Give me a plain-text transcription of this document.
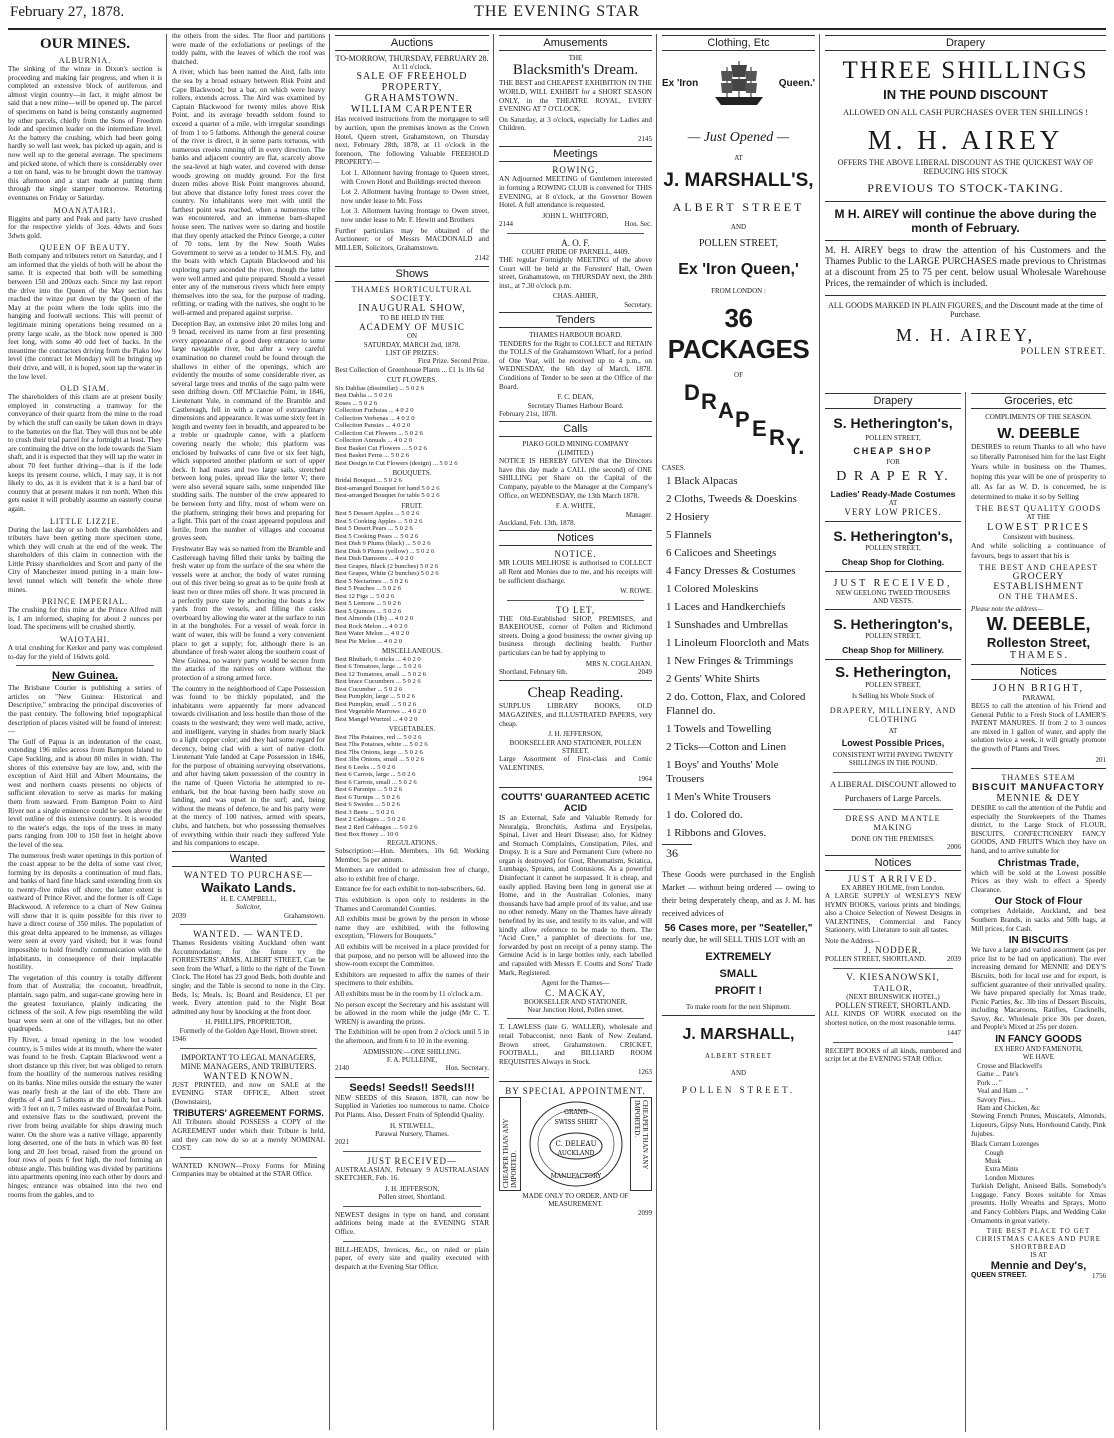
February 27, 1878.	THE EVENING STAR
OUR MINES.
ALBURNIA.
The sinking of the winze in Dixon's section is proceeding and making fair progress, and when it is completed an extensive block of auriferous and almost virgin country—in fact, it might almost be said that a new mine—will be opened up. The parcel of specimens on hand is being constantly augmented by other parcels, chiefly from the Sons of Freedom lode and specimen leader on the intermediate level. At the battery the crushing, which had been going hardly so well last week, has picked up again, and is now well up to the general average. The specimens and picked stone, of which there is considerably over a ton on hand, was to be brought down the tramway this afternoon and a start made at putting them through the single stamper tomorrow. Retorting eventuates on Friday or Saturday.
MOANATAIRI.
Riggins and party and Peak and party have crushed for the respective yields of 3ozs 4dwts and 6ozs 3dwts gold.
QUEEN OF BEAUTY.
Both company and tributers retort on Saturday, and I am informed that the yields of both will be about the same. It is expected that both will be something between 150 and 200ozs each. Since my last report the drive into the Queen of the May section has reached the winze put down by the Queen of the May at the point where the lode splits into the hanging and footwall sections. This will permit of legitimate mining operations being resumed on a pretty large scale, as the block now opened is 300 feet long, with some 40 odd feet of backs. In the meantime the contractors driving from the Piako low level (the contract let Monday) will be bringing up their drive, and will, it is hoped, soon tap the water in the low level.
OLD SIAM.
The shareholders of this claim are at present busily employed in constructing a tramway for the conveyance of their quartz from the mine to the road by which the stuff can easily be taken down in drays to the batteries on the flat. They will thus not be able to crush their trial parcel for a fortnight at least. They are continuing the drive on the lode towards the Siam shaft, and it is expected that they will tap the water in about 70 feet further driving—that is if the lode keeps its present course, which, I may say, it is not likely to do, as it is evident that it is a hard bar of country that at present makes it run north. When this gets easier it will probably assume an easterly course again.
LITTLE LIZZIE.
During the last day or so both the shareholders and tributers have been getting more specimen stone, which they will crush at the end of the week. The shareholders of this claim in connection with the Little Prissy shareholders and Scott and party of the City of Manchester intend putting in a main low-level tunnel which will benefit the whole three mines.
PRINCE IMPERIAL.
The crushing for this mine at the Prince Alfred mill is, I am informed, shaping for about 2 ounces per load. The specimens will be crushed shortly.
WAIOTAHI.
A trial crushing for Kerker and party was completed to-day for the yield of 16dwts gold.
New Guinea.
The Brisbane Courier is publishing a series of articles on "New Guinea: Historical and Descriptive," embracing the principal discoveries of the past century. The following brief topographical description of places visited will be found of interest:—
The Gulf of Papua is an indentation of the coast, extending 196 miles across from Bampton Island to Cape Suckling, and is about 80 miles in width. The shores of this extensive bay are low, and, with the exception of Aird Hill and Albert Mountains, the west and northern coasts presents no objects of sufficient elevation to serve as marks for making them from seaward. From Bampton Point to Aird River not a single eminence could be seen above the level outline of this extensive country. It is wooded to the water's edge, the tops of the trees in many parts ranging from 100 to 150 feet in height above the level of the sea.
The numerous fresh water openings in this portion of the coast appear to be the delta of some vast river, forming by its deposits a continuation of mud flats, and banks of hard fine black sand extending from six to twenty-five miles off shore; the latter extent is eastward of Prince River, and the former is off Cape Blackwood. A reference to a chart of New Guinea will show that it is quite possible for this river to have a direct course of 350 miles. The population of this great delta appeared to be immense, as villages were seen at every yard visited; but it was found impossible to hold friendly communication with the inhabitants, in consequence of their implacable hostility.
The vegetation of this country is totally different from that of Australia; the cocoanut, breadfruit, plantain, sago palm, and sugar-cane growing here in the greatest luxuriance, plainly indicating the richness of the soil. A few pigs resembling the wild boar were seen at one of the villages, but no other quadrupeds.
Fly River, a broad opening in the low wooded country, is 5 miles wide at its mouth, where the water was found to be fresh. Captain Blackwood went a short distance up this river, but was obliged to return from the hostility of the numerous natives residing on its banks. Nine miles outside the estuary the water was nearly fresh at the last of the ebb. There are depths of 4 and 5 fathoms at the mouth; but a bank with 3 feet on it, 7 miles eastward of Breakfast Point, and extensive flats to the southward, prevent the river from being available for ships drawing much water. On the shore was a native village, apparently long deserted, one of the huts in which was 80 feet long and 20 feet broad, raised from the ground on four rows of posts 6 feet high, the roof forming an obtuse angle. This building was divided by partitions into apartments opening into each other by doors and hinges; entrance was obtained into the two end rooms from the gables, and to
the others from the sides. The floor and partitions were made of the exfoliations or peelings of the toddy palm, with the leaves of which the roof was thatched.
A river, which has been named the Aird, falls into the sea by a broad estuary between Risk Point and Cape Blackwood; but a bar, on which were heavy rollers, extends across. The Aird was examined by Captain Blackwood for twenty miles above Risk Point, and its average breadth seldom found to exceed a quarter of a mile, with irregular soundings of from 1 to 5 fathoms. Although the general course of the river is direct, it in some parts tortuous, with numerous creeks running off in every direction. The banks and adjacent country are flat, scarcely above the sea-level at high water, and covered with dense woods growing on muddy ground. For the first dozen miles above Risk Point mangroves abound, but above that distance lofty forest trees cover the country. No inhabitants were met with until the farthest point was reached, when a numerous tribe was encountered, and an immense barn-shaped house seen. The natives were so daring and hostile that they openly attacked the Prince George, a cutter of 70 tons, lent by the New South Wales Government to serve as a tender to H.M.S. Fly, and the boats with which Captain Blackwood and his exploring party ascended the river, though the latter were well armed and quite prepared. Should a vessel enter any of the numerous rivers which here empty themselves into the sea, for the purpose of trading, refitting, or trading with the natives, she ought to be well-armed and prepared against surprise.
Deception Bay, an extensive inlet 20 miles long and 9 broad, received its name from at first presenting every appearance of a good deep entrance to some large navigable river, but after a very careful examination no channel could be found through the shallows in either of the openings, which are evidently the mouths of some considerable river, as several large trees and trunks of the sago palm were seen drifting down. Off M'Clatchie Point, in 1846, Lieutenant Yule, in command of the Bramble and Castlereagh, fell in with a canoe of extraordinary dimensions and appearance. It was some sixty feet in length and twenty feet in breadth, and appeared to be a treble or quadruple canoe, with a platform covering nearly the whole; this platform was enclosed by bulwarks of cane five or six feet high, which supported another platform or sort of upper deck. It had masts and two large sails, stretched between long poles, spread like the letter V; there were also several square sails, some suspended like studding sails. The number of the crew appeared to be between forty and fifty, most of whom were on the platform, stringing their bows and preparing for a fight. This part of the coast appeared populous and fertile, from the number of villages and cocoanut groves seen.
Freshwater Bay was so named from the Bramble and Castlereagh having filled their tanks by bailing the fresh water up from the surface of the sea where the vessels were at anchor, the body of water running out of this river being so great as to be quite fresh at least two or three miles off shore. It was procured in a perfectly pure state by anchoring the boats a few yards from the vessels, and filling the casks overboard by allowing the water at the surface to run in at the bungholes. For a vessel of weak force in want of water, this will be found a very convenient place to get a supply; for, although there is an abundance of fresh water along the southern coast of New Guinea, no watery party would be secure from the attacks of the natives on shore without the protection of a strong armed force.
The country in the neighborhood of Cape Possession was found to be thickly populated, and the inhabitants were apparently far more advanced towards civilisation and less hostile than those of the coasts to the westward; they were well made, active, and intelligent, varying in shades from nearly black to a light copper color; and they had some regard for decency, being clad with a sort of native cloth. Lieutenant Yule landed at Cape Possession in 1846, for the purpose of obtaining surveying observations, and after having taken possession of the country in the name of Queen Victoria he attempted to re-embark, but the boat having been badly stove on landing, and was upset in the surf; and, being without the means of defence, he and his party were at the mercy of 100 natives, armed with spears, clubs, and hatchets, but who possessing themselves of everything within their reach they suffered Yule and his companions to escape.
Wanted
WANTED TO PURCHASE—
Waikato Lands.
H. E. CAMPBELL,
Solicitor,
2039	Grahamstown.
WANTED. — WANTED.
Thames Residents visiting Auckland often want Accommodation; for the future try the FORRESTERS' ARMS, ALBERT STREET, Can be seen from the Wharf, a little to the right of the Town Clock. The Hotel has 23 good Beds, both double and single; and the Table is second to none in the City. Beds, 1s; Meals, 1s; Board and Residence, £1 per week. Every attention paid to the Night Boat admitted any hour by knocking at the front door.
H. PHILLIPS, PROPRIETOR,
Formerly of the Golden Age Hotel, Brown street.
1946
IMPORTANT TO LEGAL MANAGERS, MINE MANAGERS, AND TRIBUTERS.
WANTED KNOWN.
JUST PRINTED, and now on SALE at the EVENING STAR OFFICE, Albert street (Downstairs),
TRIBUTERS' AGREEMENT FORMS.
All Tributers should POSSESS a COPY of the AGREEMENT under which their Tribute is held, and they can now do so at a merely NOMINAL COST.
WANTED KNOWN—Proxy Forms for Mining Companies may be obtained at the STAR Office.
Auctions
TO-MORROW, THURSDAY, FEBRUARY 28.
At 11 o'clock.
SALE OF FREEHOLD PROPERTY, GRAHAMSTOWN.
WILLIAM CARPENTER
Has received instructions from the mortgagee to sell by auction, upon the premises known as the Crown Hotel, Queen street, Grahamstown, on Thursday next, February 28th, 1878, at 11 o'clock in the forenoon, The following Valuable FREEHOLD PROPERTY:—
Lot 1. Allotment having frontage to Queen street, with Crown Hotel and Buildings erected thereon
Lot 2. Allotment having frontage to Owen street, now under lease to Mr. Foss
Lot 3. Allotment having frontage to Owen street, now under lease to Mr. F. Hewitt and Brothers
Further particulars may be obtained of the Auctioneer; or of Messrs MACDONALD and MILLER, Solicitors, Grahamstown.
2142
Shows
THAMES HORTICULTURAL SOCIETY.
INAUGURAL SHOW,
TO BE HELD IN THE
ACADEMY OF MUSIC
ON
SATURDAY, MARCH 2nd, 1878.
LIST OF PRIZES:
First Prize. Second Prize.
Best Collection of Greenhouse Plants ... £1 1s 10s 6d
CUT FLOWERS.
Six Dahlias (dissimilar) ... 5 0 2 6
Best Dahlia ... 5 0 2 6
Roses ... 5 0 2 6
Collection Fuchsias ... 4 0 2 0
Collection Verbenas ... 4 0 2 0
Collection Pansies ... 4 0 2 0
Collection Cut Flowers ... 5 0 2 6
Collection Annuals ... 4 0 2 0
Best Basket Cut Flowers ... 5 0 2 6
Best Basket Ferns ... 5 0 2 6
Best Design in Cut Flowers (design) ... 5 0 2 6
BOUQUETS.
Bridal Bouquet ... 5 0 2 6
Best-arranged Bouquet for hand 5 0 2 6
Best-arranged Bouquet for table 5 0 2 6
FRUIT.
Best 5 Dessert Apples ... 5 0 2 6
Best 5 Cooking Apples ... 5 0 2 6
Best 5 Desert Pears ... 5 0 2 6
Best 5 Cooking Pears ... 5 0 2 6
Best Dish 9 Plums (black) ... 5 0 2 6
Best Dish 9 Plums (yellow) ... 5 0 2 6
Best Dish Damsons ... 4 0 2 0
Best Grapes, Black (2 bunches) 5 0 2 6
Best Grapes, White (2 bunches) 5 0 2 6
Best 5 Nectarines ... 5 0 2 6
Best 5 Peaches ... 5 0 2 6
Best 12 Figs ... 5 0 2 6
Best 5 Lemons ... 5 0 2 6
Best 5 Quinces ... 5 0 2 6
Best Almonds (1lb) ... 4 0 2 0
Best Rock Melon ... 4 0 2 0
Best Water Melon ... 4 0 2 0
Best Pie Melon ... 4 0 2 0
MISCELLANEOUS.
Best Rhubarb, 6 sticks ... 4 0 2 0
Best 6 Tomatoes, large ... 5 0 2 6
Best 12 Tomatoes, small ... 5 0 2 6
Best brace Cucumbers ... 5 0 2 6
Best Cucumber ... 5 0 2 6
Best Pumpkin, large ... 5 0 2 6
Best Pumpkin, small ... 5 0 2 6
Best Vegetable Marrows ... 4 0 2 0
Best Mangel Wurtzel ... 4 0 2 0
VEGETABLES.
Best 7lbs Potatoes, red ... 5 0 2 6
Best 7lbs Potatoes, white ... 5 0 2 6
Best 7lbs Onions, large ... 5 0 2 6
Best 3lbs Onions, small ... 5 0 2 6
Best 6 Leeks ... 5 0 2 6
Best 6 Carrots, large ... 5 0 2 6
Best 6 Carrots, small ... 5 0 2 6
Best 6 Parsnips ... 5 0 2 6
Best 6 Turnips ... 5 0 2 6
Best 6 Swedes ... 5 0 2 6
Best 3 Beets ... 5 0 2 6
Best 2 Cabbages ... 5 0 2 6
Best 2 Red Cabbages ... 5 0 2 6
Best Box Honey ... 10 0
REGULATIONS.
Subscription:—Hon. Members, 10s 6d; Working Member, 5s per annum.
Members are entitled to admission free of charge, also to exhibit free of charge.
Entrance fee for each exhibit to non-subscribers, 6d.
This exhibition is open only to residents in the Thames and Coromandel Counties.
All exhibits must be grown by the person in whose name they are exhibited, with the following exception, "Flowers for Bouquets."
All exhibits will be received in a place provided for that purpose, and no person will be allowed into the show-room except the Committee.
Exhibitors are requested to affix the names of their specimens to their exhibits.
All exhibits must be in the room by 11 o'clock a.m.
No person except the Secretary and his assistant will be allowed in the room while the judge (Mr C. T. WREN) is awarding the prizes.
The Exhibition will be open from 2 o'clock until 5 in the afternoon, and from 6 to 10 in the evening.
ADMISSION:—ONE SHILLING.
F. A. PULLEINE,
2140	Hon. Secretary.
Seeds! Seeds!! Seeds!!!
NEW SEEDS of this Season, 1878, can now be Supplied in Varieties too numerous to name. Choice Pot Plants. Also, Dessert Fruits of Splendid Quality.
H. STILWELL,
Parawai Nursery, Thames.
2021
JUST RECEIVED—
AUSTRALASIAN, February 9 AUSTRALASIAN SKETCHER, Feb. 16.
J. H. JEFFERSON,
Pollen street, Shortland.
NEWEST designs in type on hand, and constant additions being made at the EVENING STAR Office.
BILL-HEADS, Invoices, &c., on ruled or plain paper, of every size and quality executed with despatch at the Evening Star Office.
Amusements
THE
Blacksmith's Dream.
THE BEST and CHEAPEST EXHIBITION IN THE WORLD, WILL EXHIBIT for a SHORT SEASON ONLY, in the THEATRE ROYAL, EVERY EVENING AT 7 O'CLOCK.
On Saturday, at 3 o'clock, especially for Ladies and Children.
2145
Meetings
ROWING.
AN Adjourned MEETING of Gentlemen interested in forming a ROWING CLUB is convened for THIS EVENING, at 8 o'clock, at the Governor Bowen Hotel. A full attendance is requested.
JOHN L. WHITFORD,
2144	Hon. Sec.
A. O. F.
COURT PRIDE OF PARNELL, 4409.
THE regular Fortnightly MEETING of the above Court will be held at the Foresters' Hall, Owen street, Grahamstown, on THURSDAY next, the 28th inst., at 7.30 o'clock p.m.
CHAS. AHIER,
Secretary.
Tenders
THAMES HARBOUR BOARD.
TENDERS for the Right to COLLECT and RETAIN the TOLLS of the Grahamstown Wharf, for a period of One Year, will be received up to 4 p.m., on WEDNESDAY, the 6th day of March, 1878. Conditions of Tender to be seen at the Office of the Board.
F. C. DEAN,
Secretary Thames Harbour Board.
February 21st, 1878.
Calls
PIAKO GOLD MINING COMPANY
(LIMITED.)
NOTICE IS HEREBY GIVEN that the Directors have this day made a CALL (the second) of ONE SHILLING per Share on the Capital of the Company, payable to the Manager at the Company's Office, on WEDNESDAY, the 13th March 1878.
F. A. WHITE,
Manager.
Auckland, Feb. 13th, 1878.
Notices
NOTICE.
MR LOUIS MELHOSE is authorised to COLLECT all Rent and Monies due to me, and his receipts will be sufficient discharge.
W. ROWE.
TO LET,
THE Old-Established SHOP, PREMISES, and BAKEHOUSE, corner of Pollen and Richmond streets. Doing a good business; the owner giving up business through declining health. Further particulars can be had by applying to
MRS N. COGLAHAN.
Shortland, February 6th.	2049
Cheap Reading.
SURPLUS LIBRARY BOOKS, OLD MAGAZINES, and ILLUSTRATED PAPERS, very cheap.
J. H. JEFFERSON,
BOOKSELLER AND STATIONER, POLLEN STREET.
Large Assortment of First-class and Comic VALENTINES.
1964
COUTTS' GUARANTEED ACETIC ACID
IS an External, Safe and Valuable Remedy for Neuralgia, Bronchitis, Asthma and Erysipelas, Spinal, Liver and Heart Disease; also, for Kidney and Stomach Complaints, Constipation, Piles, and Dropsy. It is a Sure and Permanent Cure (where no organ is destroyed) for Gout, Rheumatism, Sciatica, Lumbago, Sprains, and Contusions. As a powerful Disinfectant it cannot be surpassed. It is cheap, and easily applied. Having been long in general use at Home, and in the Australian Colonies, many thousands have had ample proof of its value, and use no other remedy. Many on the Thames have already benefited by its use, and testify to its value, and will kindly allow reference to be made to them. The "Acid Cure," a pamphlet of directions for use, forwarded by post on receipt of a penny stamp. The Genuine Acid is in large bottles only, each labelled and capsuled with Messrs F. Coutts and Sons' Trade Mark, Registered.
Agent for the Thames—
C. MACKAY,
BOOKSELLER AND STATIONER,
Near Junction Hotel, Pollen street.
T. LAWLESS (late G. WALLER), wholesale and retail Tobacconist, next Bank of New Zealand, Brown street, Grahamstown. CRICKET, FOOTBALL, and BILLIARD ROOM REQUISITES Always in Stock.
1263
BY SPECIAL APPOINTMENT.
CHEAPER THAN ANY IMPORTED.
GRAND
SWISS SHIRT
MANUFACTORY
C. DELEAU
AUCKLAND	CHEAPER THAN ANY IMPORTED.
MADE ONLY TO ORDER, AND OF MEASUREMENT.
2099
Clothing, Etc
Ex 'Iron	Queen.'
— Just Opened —
AT
J. MARSHALL'S,
ALBERT STREET
AND
POLLEN STREET,
Ex 'Iron Queen,'
FROM LONDON :
36 PACKAGES
OF
D R A P E R Y.
CASES.
1 Black Alpacas
2 Cloths, Tweeds & Doeskins
2 Hosiery
5 Flannels
6 Calicoes and Sheetings
4 Fancy Dresses & Costumes
1 Colored Moleskins
1 Laces and Handkerchiefs
1 Sunshades and Umbrellas
1 Linoleum Floorcloth and Mats
1 New Fringes & Trimmings
2 Gents' White Shirts
2 do. Cotton, Flax, and Colored Flannel do.
1 Towels and Towelling
2 Ticks—Cotton and Linen
1 Boys' and Youths' Mole Trousers
1 Men's White Trousers
1 do. Colored do.
1 Ribbons and Gloves.
36
These Goods were purchased in the English Market — without being ordered — owing to their being desperately cheap, and as J. M. has received advices of
56 Cases more, per "Seateller,"
nearly due, he will SELL THIS LOT with an
EXTREMELY
SMALL
PROFIT !
To make room for the next Shipment.
J. MARSHALL,
ALBERT STREET
AND
POLLEN STREET.
Drapery
THREE SHILLINGS
IN THE POUND DISCOUNT
ALLOWED ON ALL CASH PURCHASES OVER TEN SHILLINGS !
M. H. AIREY
OFFERS THE ABOVE LIBERAL DISCOUNT AS THE QUICKEST WAY OF REDUCING HIS STOCK
PREVIOUS TO STOCK-TAKING.
M H. AIREY will continue the above during the month of February.
M. H. AIREY begs to draw the attention of his Customers and the Thames Public to the LARGE PURCHASES made previous to Christmas at a discount from 25 to 75 per cent. below usual Wholesale Warehouse Prices, the remainder of which is included.
ALL GOODS MARKED IN PLAIN FIGURES, and the Discount made at the time of Purchase.
M. H. AIREY,
POLLEN STREET.
Drapery
S. Hetherington's,
POLLEN STREET,
CHEAP SHOP
FOR
D R A P E R Y.
Ladies' Ready-Made Costumes
AT
VERY LOW PRICES.
S. Hetherington's,
POLLEN STREET,
Cheap Shop for Clothing.
JUST RECEIVED,
NEW GEELONG TWEED TROUSERS
AND VESTS.
S. Hetherington's,
POLLEN STREET,
Cheap Shop for Millinery.
S. Hetherington,
POLLEN STREET,
Is Selling his Whole Stock of
DRAPERY, MILLINERY, AND CLOTHING
AT
Lowest Possible Prices,
CONSISTENT WITH PAYING TWENTY SHILLINGS IN THE POUND.
A LIBERAL DISCOUNT allowed to Purchasers of Large Parcels.
DRESS AND MANTLE MAKING
DONE ON THE PREMISES.
2006
Notices
JUST ARRIVED.
EX ABBEY HOLME, from London.
A LARGE SUPPLY of WESLEY'S NEW HYMN BOOKS, various prints and bindings; also a Choice Selection of Newest Designs in VALENTINES, Commercial and Fancy Stationery, with Literature to suit all tastes.
Note the Address—
J. NODDER,
POLLEN STREET, SHORTLAND.	2039
V. KIESANOWSKI,
TAILOR,
(NEXT BRUNSWICK HOTEL,)
POLLEN STREET, SHORTLAND.
ALL KINDS OF WORK executed on the shortest notice, on the most reasonable terms.
1447
RECEIPT BOOKS of all kinds, numbered and script let at the EVENING STAR Office.
Groceries, etc
COMPLIMENTS OF THE SEASON.
W. DEEBLE
DESIRES to return Thanks to all who have so liberally Patronised him for the last Eight Years while in business on the Thames, hoping this year will be one of prosperity to all. As far as W. D. is concerned, he is determined to make it so by Selling
THE BEST QUALITY GOODS
AT THE
LOWEST PRICES
Consistent with business.
And while soliciting a continuance of favours, begs to assert that his is
THE BEST AND CHEAPEST
GROCERY ESTABLISHMENT
ON THE THAMES.
Please note the address—
W. DEEBLE,
Rolleston Street,
T H A M E S .
Notices
JOHN BRIGHT,
PARAWAI,
BEGS to call the attention of his Friend and General Public to a Fresh Stock of LAMER'S PATENT MANURES. If from 2 to 3 ounces are mixed in 1 gallon of water, and apply the solution twice a week, it will greatly promote the growth of Plants and Trees.
201
THAMES STEAM
BISCUIT MANUFACTORY
MENNIE & DEY
DESIRE to call the attention of the Public and especially the Storekeepers of the Thames district, to the Large Stock of FLOUR, BISCUITS, CONFECTIONERY FANCY GOODS, AND FRUITS Which they have on hand, and to arrive suitable for
Christmas Trade,
which will be sold at the Lowest possible Prices as they wish to effect a Speedy Clearance.
Our Stock of Flour
comprises Adelaide, Auckland, and best Southern Brands, in sacks and 50lb bags, at Mill prices, for Cash.
IN BISCUITS
We have a large and varied assortment (as per price list to be had on application). The ever increasing demand for MENNIE and DEY'S Biscuits, both for local use and for export, is sufficient guarantee of their unrivalled quality. We have prepared specially for Xmas trade, Picnic Parties, &c. 3lb tins of Dessert Biscuits, including Macaroons, Ratifies, Cracknells, Savoy, &c. Wholesale price 30s per dozen, and People's Mixed at 25s per dozen.
IN FANCY GOODS
EX HERO AND FAMENOTH,
WE HAVE
Crosse and Blackwell's
Game ... Pate's
Pork ... "
Veal and Ham ... "
Savory Pies...
Ham and Chicken, &c
Stewing French Prunes, Muscatels, Almonds, Liqueurs, Gipsy Nuts, Horehound Candy, Pink Jujubes.
Black Currant Lozenges
Cough
Musk
Extra Mints
London Mixtures
Turkish Delight, Aniseed Balls. Somebody's Luggage. Fancy Boxes suitable for Xmas presents. Holly Wreaths and Sprays, Motto and Fancy Cobblers Plaps, and Wedding Cake Ornaments in great variety.
THE BEST PLACE TO GET CHRISTMAS CAKES AND PURE SHORTBREAD
IS AT
Mennie and Dey's,
QUEEN STREET.	1756
